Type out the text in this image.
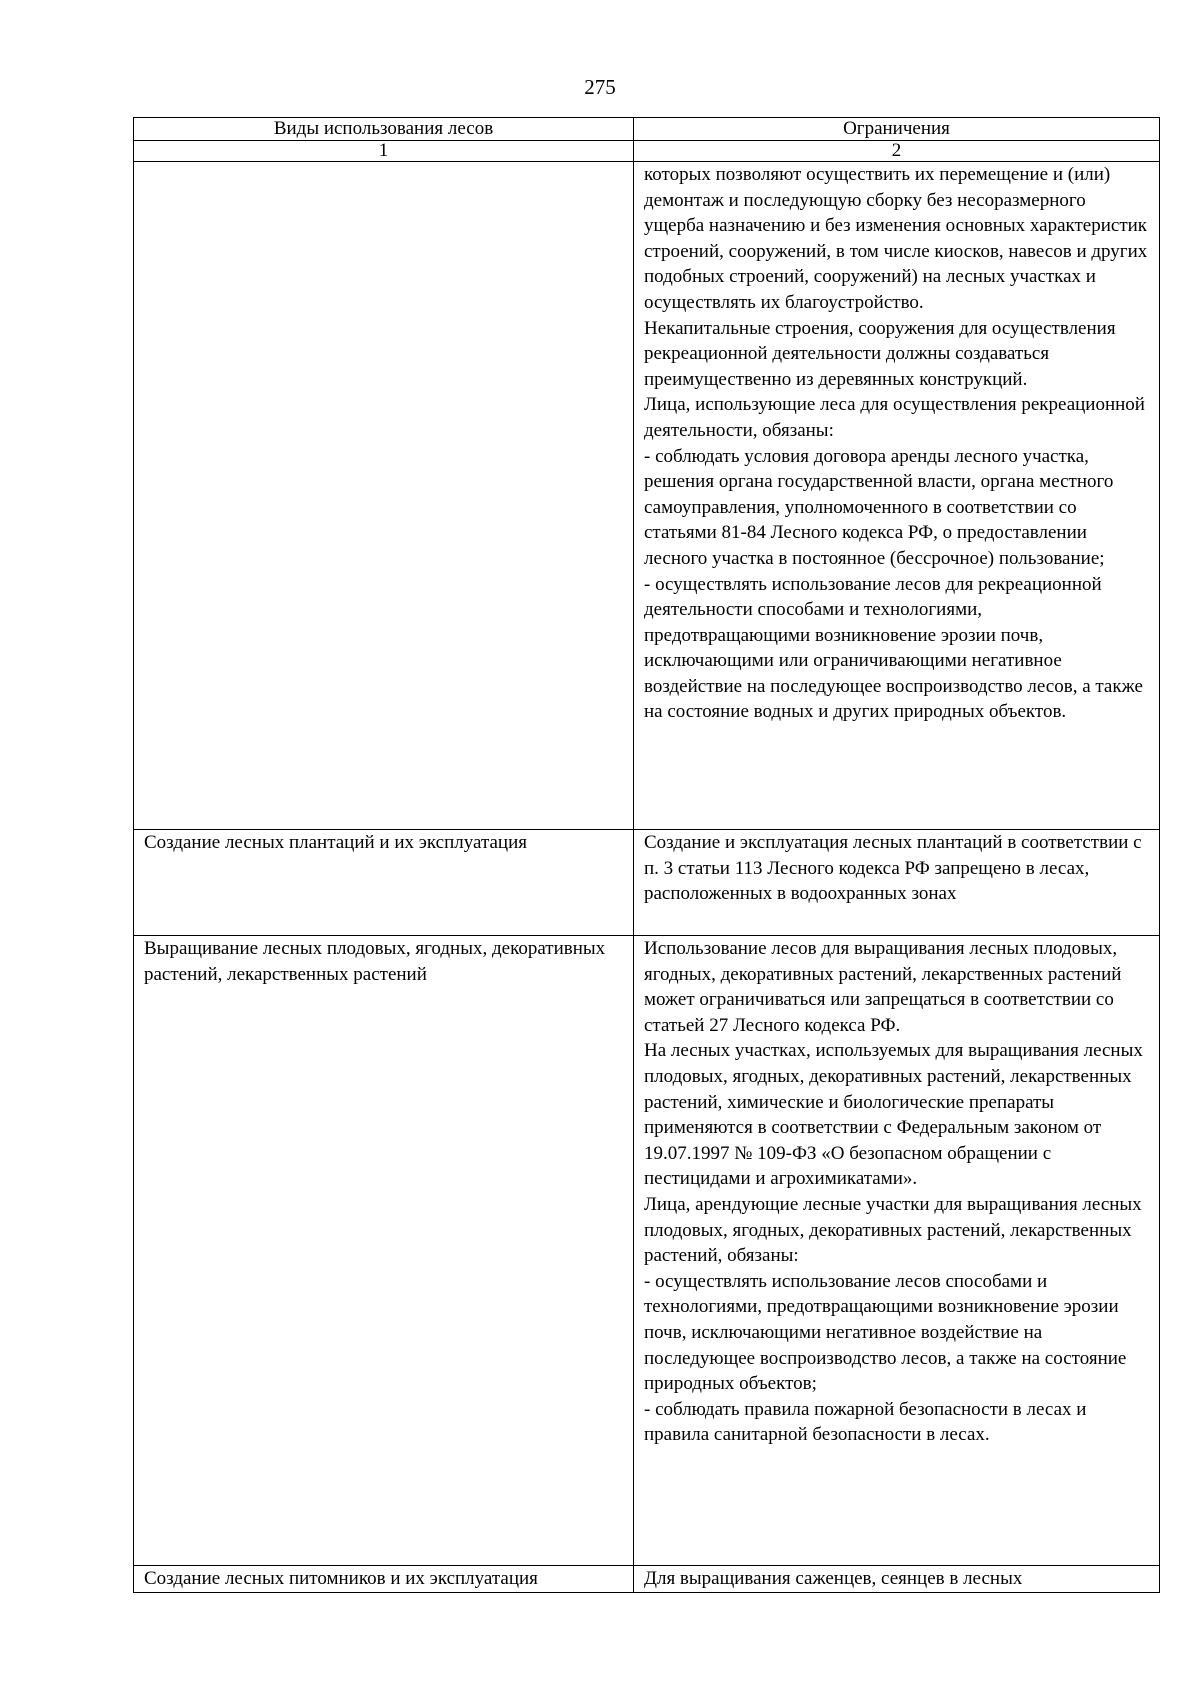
275
Виды использования лесов	Ограничения
1	2

	которых позволяют осуществить их перемещение и (или) демонтаж и последующую сборку без несоразмерного ущерба назначению и без изменения основных характеристик строений, сооружений, в том числе киосков, навесов и других подобных строений, сооружений) на лесных участках и осуществлять их благоустройство.
Некапитальные строения, сооружения для осуществления рекреационной деятельности должны создаваться преимущественно из деревянных конструкций.
Лица, использующие леса для осуществления рекреационной деятельности, обязаны:
- соблюдать условия договора аренды лесного участка, решения органа государственной власти, органа местного самоуправления, уполномоченного в соответствии со статьями 81-84 Лесного кодекса РФ, о предоставлении лесного участка в постоянное (бессрочное) пользование;
- осуществлять использование лесов для рекреационной деятельности способами и технологиями, предотвращающими возникновение эрозии почв, исключающими или ограничивающими негативное воздействие на последующее воспроизводство лесов, а также на состояние водных и других природных объектов.

Создание лесных плантаций и их эксплуатация	Создание и эксплуатация лесных плантаций в соответствии с п. 3 статьи 113 Лесного кодекса РФ запрещено в лесах, расположенных в водоохранных зонах

Выращивание лесных плодовых, ягодных, декоративных растений, лекарственных растений	Использование лесов для выращивания лесных плодовых, ягодных, декоративных растений, лекарственных растений может ограничиваться или запрещаться в соответствии со статьей 27 Лесного кодекса РФ.
На лесных участках, используемых для выращивания лесных плодовых, ягодных, декоративных растений, лекарственных растений, химические и биологические препараты применяются в соответствии с Федеральным законом от 19.07.1997 № 109-ФЗ «О безопасном обращении с пестицидами и агрохимикатами».
Лица, арендующие лесные участки для выращивания лесных плодовых, ягодных, декоративных растений, лекарственных растений, обязаны:
- осуществлять использование лесов способами и технологиями, предотвращающими возникновение эрозии почв, исключающими негативное воздействие на последующее воспроизводство лесов, а также на состояние природных объектов;
- соблюдать правила пожарной безопасности в лесах и правила санитарной безопасности в лесах.

Создание лесных питомников и их эксплуатация	Для выращивания саженцев, сеянцев в лесных
